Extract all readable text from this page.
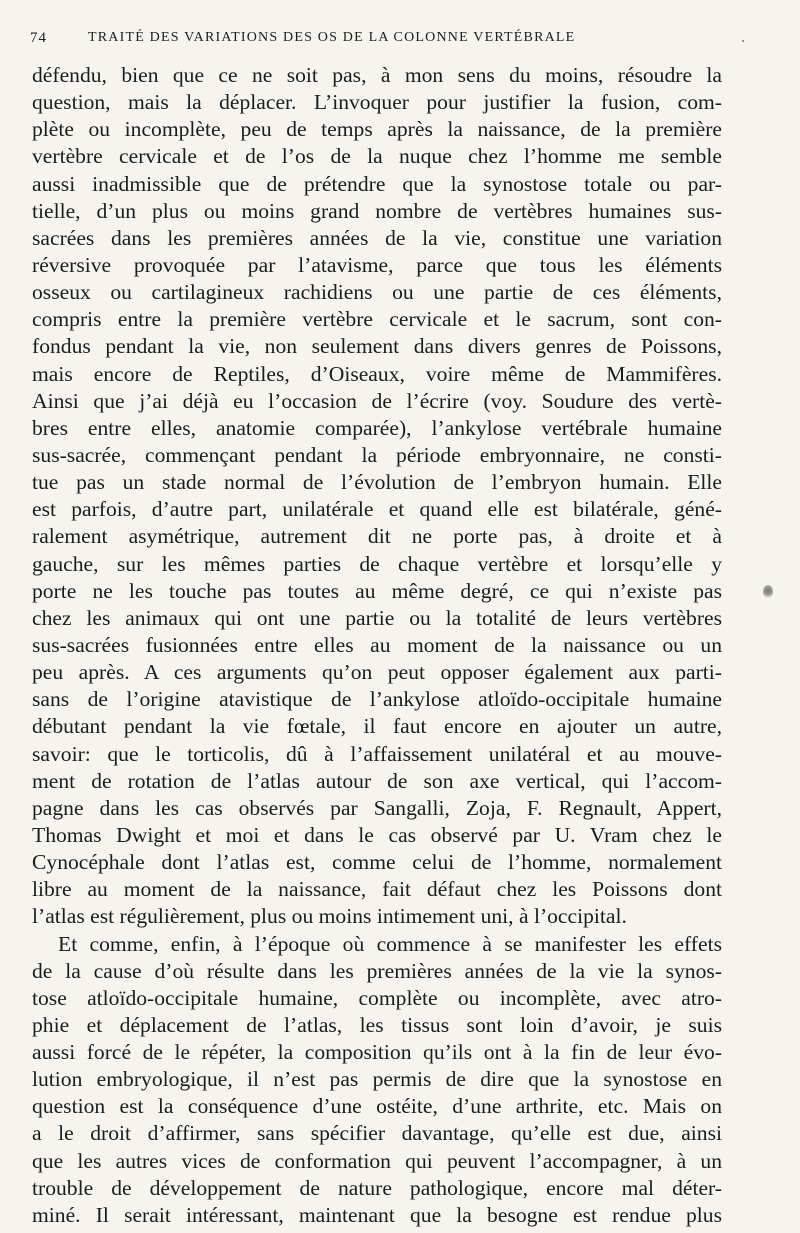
74	TRAITÉ DES VARIATIONS DES OS DE LA COLONNE VERTÉBRALE
défendu, bien que ce ne soit pas, à mon sens du moins, résoudre la
question, mais la déplacer. L’invoquer pour justifier la fusion, com-
plète ou incomplète, peu de temps après la naissance, de la première
vertèbre cervicale et de l’os de la nuque chez l’homme me semble
aussi inadmissible que de prétendre que la synostose totale ou par-
tielle, d’un plus ou moins grand nombre de vertèbres humaines sus-
sacrées dans les premières années de la vie, constitue une variation
réversive provoquée par l’atavisme, parce que tous les éléments
osseux ou cartilagineux rachidiens ou une partie de ces éléments,
compris entre la première vertèbre cervicale et le sacrum, sont con-
fondus pendant la vie, non seulement dans divers genres de Poissons,
mais encore de Reptiles, d’Oiseaux, voire même de Mammifères.
Ainsi que j’ai déjà eu l’occasion de l’écrire (voy. Soudure des vertè-
bres entre elles, anatomie comparée), l’ankylose vertébrale humaine
sus-sacrée, commençant pendant la période embryonnaire, ne consti-
tue pas un stade normal de l’évolution de l’embryon humain. Elle
est parfois, d’autre part, unilatérale et quand elle est bilatérale, géné-
ralement asymétrique, autrement dit ne porte pas, à droite et à
gauche, sur les mêmes parties de chaque vertèbre et lorsqu’elle y
porte ne les touche pas toutes au même degré, ce qui n’existe pas
chez les animaux qui ont une partie ou la totalité de leurs vertèbres
sus-sacrées fusionnées entre elles au moment de la naissance ou un
peu après. A ces arguments qu’on peut opposer également aux parti-
sans de l’origine atavistique de l’ankylose atloïdo-occipitale humaine
débutant pendant la vie fœtale, il faut encore en ajouter un autre,
savoir: que le torticolis, dû à l’affaissement unilatéral et au mouve-
ment de rotation de l’atlas autour de son axe vertical, qui l’accom-
pagne dans les cas observés par Sangalli, Zoja, F. Regnault, Appert,
Thomas Dwight et moi et dans le cas observé par U. Vram chez le
Cynocéphale dont l’atlas est, comme celui de l’homme, normalement
libre au moment de la naissance, fait défaut chez les Poissons dont
l’atlas est régulièrement, plus ou moins intimement uni, à l’occipital.
Et comme, enfin, à l’époque où commence à se manifester les effets
de la cause d’où résulte dans les premières années de la vie la synos-
tose atloïdo-occipitale humaine, complète ou incomplète, avec atro-
phie et déplacement de l’atlas, les tissus sont loin d’avoir, je suis
aussi forcé de le répéter, la composition qu’ils ont à la fin de leur évo-
lution embryologique, il n’est pas permis de dire que la synostose en
question est la conséquence d’une ostéite, d’une arthrite, etc. Mais on
a le droit d’affirmer, sans spécifier davantage, qu’elle est due, ainsi
que les autres vices de conformation qui peuvent l’accompagner, à un
trouble de développement de nature pathologique, encore mal déter-
miné. Il serait intéressant, maintenant que la besogne est rendue plus
